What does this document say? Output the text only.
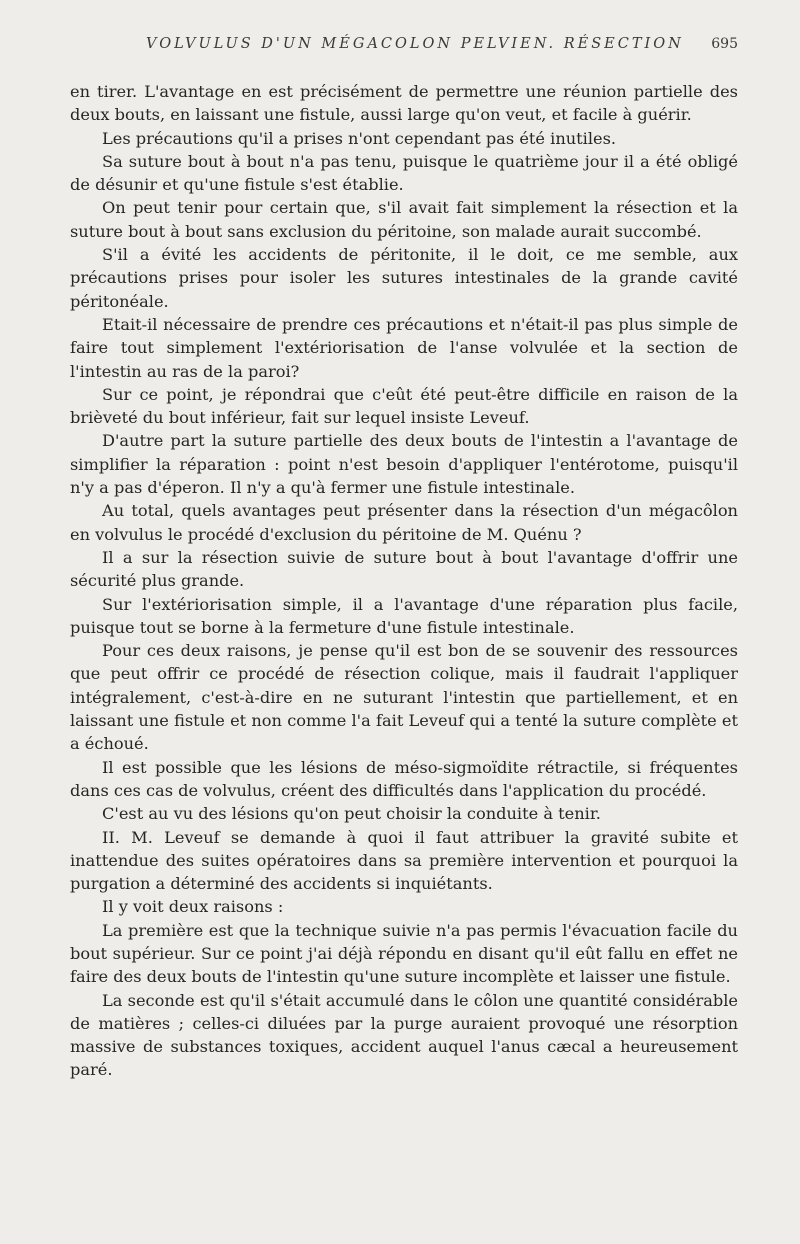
VOLVULUS D'UN MÉGACOLON PELVIEN. RÉSECTION 695

en tirer. L'avantage en est précisément de permettre une réunion partielle des deux bouts, en laissant une fistule, aussi large qu'on veut, et facile à guérir.

Les précautions qu'il a prises n'ont cependant pas été inutiles.

Sa suture bout à bout n'a pas tenu, puisque le quatrième jour il a été obligé de désunir et qu'une fistule s'est établie.

On peut tenir pour certain que, s'il avait fait simplement la résection et la suture bout à bout sans exclusion du péritoine, son malade aurait succombé.

S'il a évité les accidents de péritonite, il le doit, ce me semble, aux précautions prises pour isoler les sutures intestinales de la grande cavité péritonéale.

Etait-il nécessaire de prendre ces précautions et n'était-il pas plus simple de faire tout simplement l'extériorisation de l'anse volvulée et la section de l'intestin au ras de la paroi?

Sur ce point, je répondrai que c'eût été peut-être difficile en raison de la brièveté du bout inférieur, fait sur lequel insiste Leveuf.

D'autre part la suture partielle des deux bouts de l'intestin a l'avantage de simplifier la réparation : point n'est besoin d'appliquer l'entérotome, puisqu'il n'y a pas d'éperon. Il n'y a qu'à fermer une fistule intestinale.

Au total, quels avantages peut présenter dans la résection d'un mégacôlon en volvulus le procédé d'exclusion du péritoine de M. Quénu ?

Il a sur la résection suivie de suture bout à bout l'avantage d'offrir une sécurité plus grande.

Sur l'extériorisation simple, il a l'avantage d'une réparation plus facile, puisque tout se borne à la fermeture d'une fistule intestinale.

Pour ces deux raisons, je pense qu'il est bon de se souvenir des ressources que peut offrir ce procédé de résection colique, mais il faudrait l'appliquer intégralement, c'est-à-dire en ne suturant l'intestin que partiellement, et en laissant une fistule et non comme l'a fait Leveuf qui a tenté la suture complète et a échoué.

Il est possible que les lésions de méso-sigmoïdite rétractile, si fréquentes dans ces cas de volvulus, créent des difficultés dans l'application du procédé.

C'est au vu des lésions qu'on peut choisir la conduite à tenir.

II. M. Leveuf se demande à quoi il faut attribuer la gravité subite et inattendue des suites opératoires dans sa première intervention et pourquoi la purgation a déterminé des accidents si inquiétants.

Il y voit deux raisons :

La première est que la technique suivie n'a pas permis l'évacuation facile du bout supérieur. Sur ce point j'ai déjà répondu en disant qu'il eût fallu en effet ne faire des deux bouts de l'intestin qu'une suture incomplète et laisser une fistule.

La seconde est qu'il s'était accumulé dans le côlon une quantité considérable de matières ; celles-ci diluées par la purge auraient provoqué une résorption massive de substances toxiques, accident auquel l'anus cæcal a heureusement paré.
